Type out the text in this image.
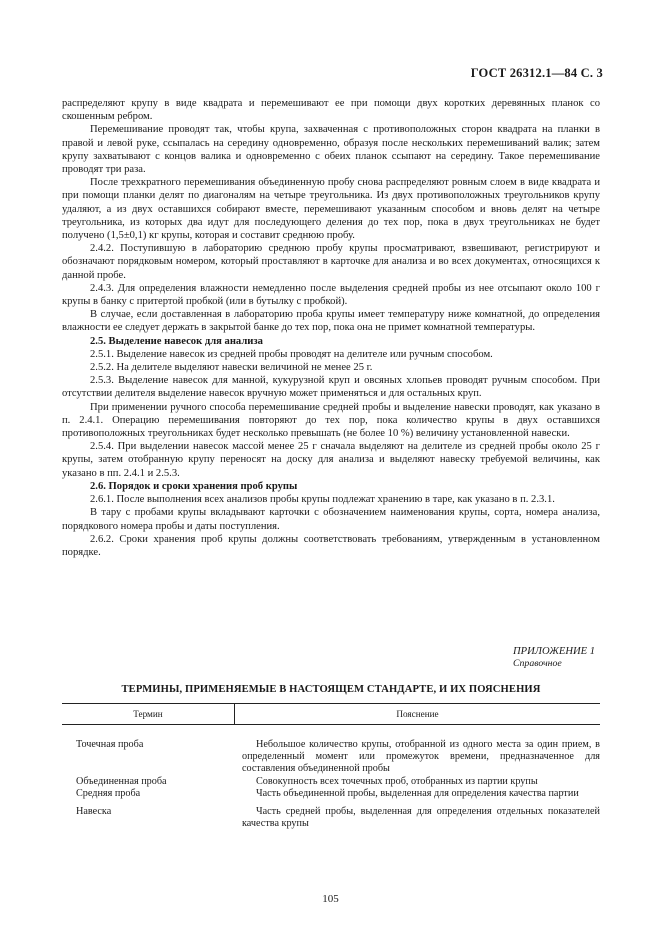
ГОСТ 26312.1—84 С. 3

распределяют крупу в виде квадрата и перемешивают ее при помощи двух коротких деревянных планок со скошенным ребром.

Перемешивание проводят так, чтобы крупа, захваченная с противоположных сторон квадрата на планки в правой и левой руке, ссыпалась на середину одновременно, образуя после нескольких перемешиваний валик; затем крупу захватывают с концов валика и одновременно с обеих планок ссыпают на середину. Такое перемешивание проводят три раза.

После трехкратного перемешивания объединенную пробу снова распределяют ровным слоем в виде квадрата и при помощи планки делят по диагоналям на четыре треугольника. Из двух противоположных треугольников крупу удаляют, а из двух оставшихся собирают вместе, перемешивают указанным способом и вновь делят на четыре треугольника, из которых два идут для последующего деления до тех пор, пока в двух треугольниках не будет получено (1,5±0,1) кг крупы, которая и составит среднюю пробу.

2.4.2. Поступившую в лабораторию среднюю пробу крупы просматривают, взвешивают, регистрируют и обозначают порядковым номером, который проставляют в карточке для анализа и во всех документах, относящихся к данной пробе.

2.4.3. Для определения влажности немедленно после выделения средней пробы из нее отсыпают около 100 г крупы в банку с притертой пробкой (или в бутылку с пробкой).

В случае, если доставленная в лабораторию проба крупы имеет температуру ниже комнатной, до определения влажности ее следует держать в закрытой банке до тех пор, пока она не примет комнатной температуры.

2.5. Выделение навесок для анализа

2.5.1. Выделение навесок из средней пробы проводят на делителе или ручным способом.

2.5.2. На делителе выделяют навески величиной не менее 25 г.

2.5.3. Выделение навесок для манной, кукурузной круп и овсяных хлопьев проводят ручным способом. При отсутствии делителя выделение навесок вручную может применяться и для остальных круп.

При применении ручного способа перемешивание средней пробы и выделение навески проводят, как указано в п. 2.4.1. Операцию перемешивания повторяют до тех пор, пока количество крупы в двух оставшихся противоположных треугольниках будет несколько превышать (не более 10 %) величину установленной навески.

2.5.4. При выделении навесок массой менее 25 г сначала выделяют на делителе из средней пробы около 25 г крупы, затем отобранную крупу переносят на доску для анализа и выделяют навеску требуемой величины, как указано в пп. 2.4.1 и 2.5.3.

2.6. Порядок и сроки хранения проб крупы

2.6.1. После выполнения всех анализов пробы крупы подлежат хранению в таре, как указано в п. 2.3.1.

В тару с пробами крупы вкладывают карточки с обозначением наименования крупы, сорта, номера анализа, порядкового номера пробы и даты поступления.

2.6.2. Сроки хранения проб крупы должны соответствовать требованиям, утвержденным в установленном порядке.

ПРИЛОЖЕНИЕ 1
Справочное
ТЕРМИНЫ, ПРИМЕНЯЕМЫЕ В НАСТОЯЩЕМ СТАНДАРТЕ, И ИХ ПОЯСНЕНИЯ
Термин	Пояснение
Точечная проба	Небольшое количество крупы, отобранной из одного места за один прием, в определенный момент или промежуток времени, предназначенное для составления объединенной пробы
Объединенная проба	Совокупность всех точечных проб, отобранных из партии крупы
Средняя проба	Часть объединенной пробы, выделенная для определения качества партии
Навеска	Часть средней пробы, выделенная для определения отдельных показателей качества крупы
105
